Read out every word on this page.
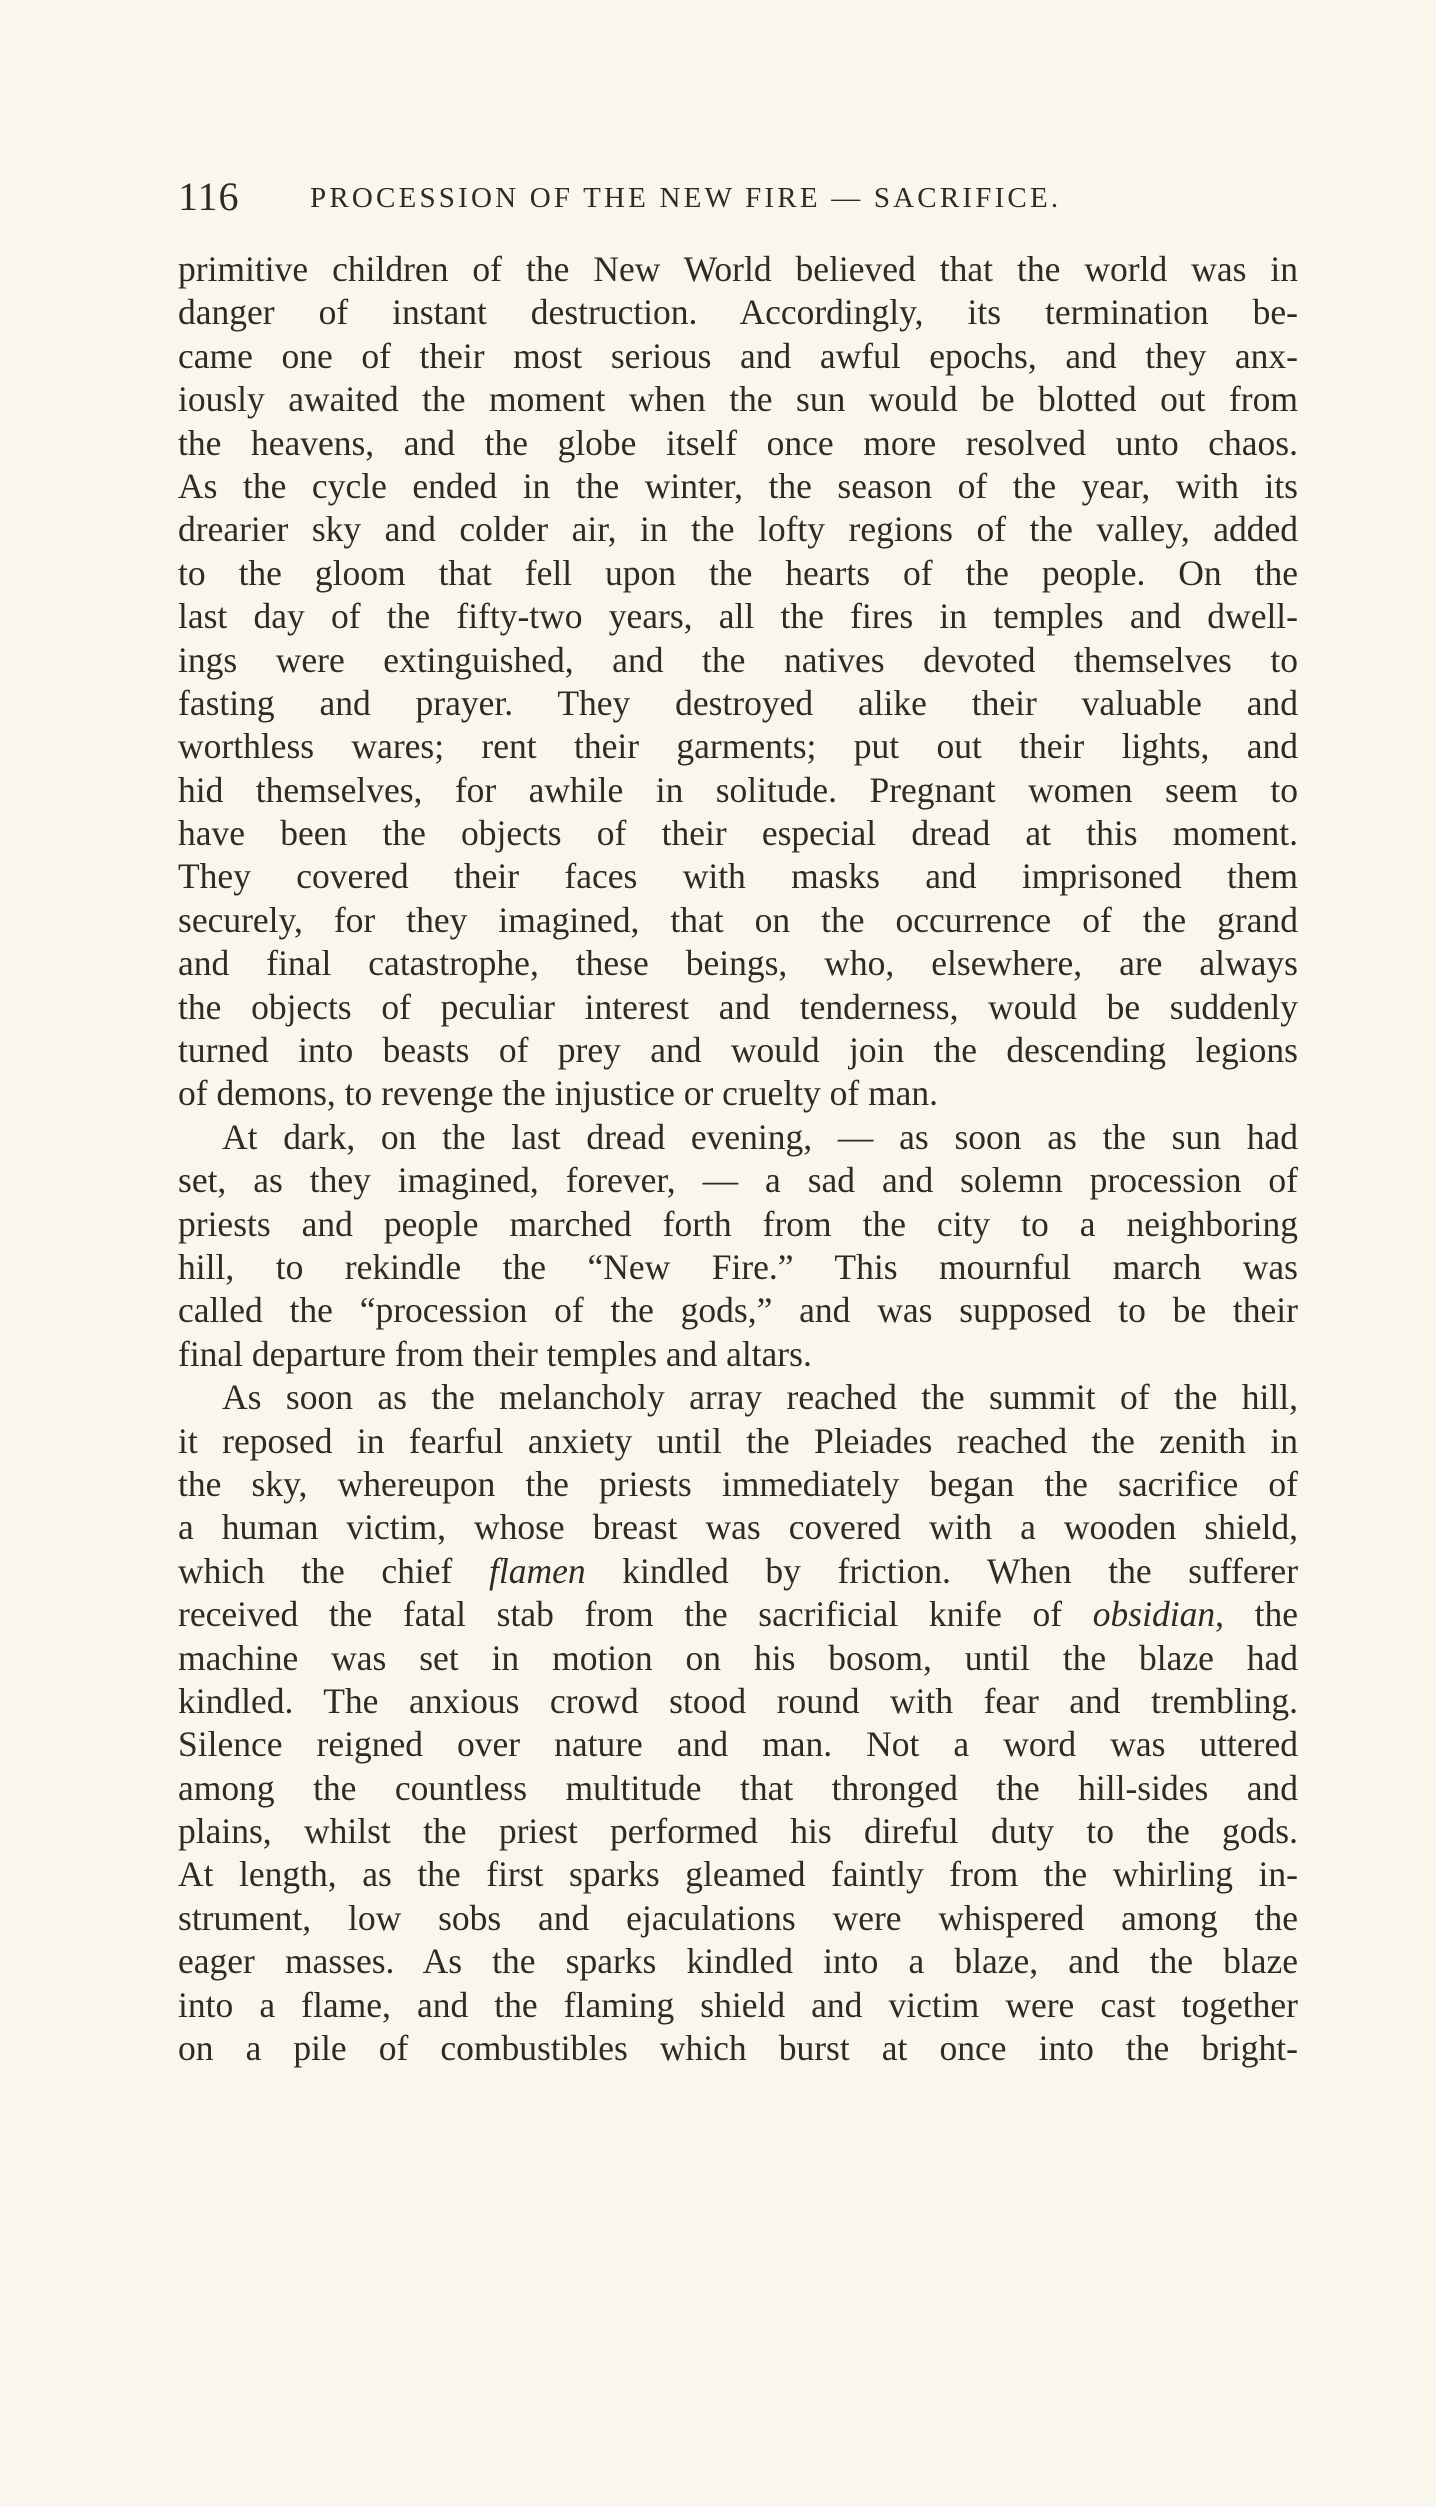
116 PROCESSION OF THE NEW FIRE — SACRIFICE.
primitive children of the New World believed that the world was in
danger of instant destruction. Accordingly, its termination be-
came one of their most serious and awful epochs, and they anx-
iously awaited the moment when the sun would be blotted out from
the heavens, and the globe itself once more resolved unto chaos.
As the cycle ended in the winter, the season of the year, with its
drearier sky and colder air, in the lofty regions of the valley, added
to the gloom that fell upon the hearts of the people. On the
last day of the fifty-two years, all the fires in temples and dwell-
ings were extinguished, and the natives devoted themselves to
fasting and prayer. They destroyed alike their valuable and
worthless wares; rent their garments; put out their lights, and
hid themselves, for awhile in solitude. Pregnant women seem to
have been the objects of their especial dread at this moment.
They covered their faces with masks and imprisoned them
securely, for they imagined, that on the occurrence of the grand
and final catastrophe, these beings, who, elsewhere, are always
the objects of peculiar interest and tenderness, would be suddenly
turned into beasts of prey and would join the descending legions
of demons, to revenge the injustice or cruelty of man.
At dark, on the last dread evening, — as soon as the sun had
set, as they imagined, forever, — a sad and solemn procession of
priests and people marched forth from the city to a neighboring
hill, to rekindle the “New Fire.” This mournful march was
called the “procession of the gods,” and was supposed to be their
final departure from their temples and altars.
As soon as the melancholy array reached the summit of the hill,
it reposed in fearful anxiety until the Pleiades reached the zenith in
the sky, whereupon the priests immediately began the sacrifice of
a human victim, whose breast was covered with a wooden shield,
which the chief flamen kindled by friction. When the sufferer
received the fatal stab from the sacrificial knife of obsidian, the
machine was set in motion on his bosom, until the blaze had
kindled. The anxious crowd stood round with fear and trembling.
Silence reigned over nature and man. Not a word was uttered
among the countless multitude that thronged the hill-sides and
plains, whilst the priest performed his direful duty to the gods.
At length, as the first sparks gleamed faintly from the whirling in-
strument, low sobs and ejaculations were whispered among the
eager masses. As the sparks kindled into a blaze, and the blaze
into a flame, and the flaming shield and victim were cast together
on a pile of combustibles which burst at once into the bright-
